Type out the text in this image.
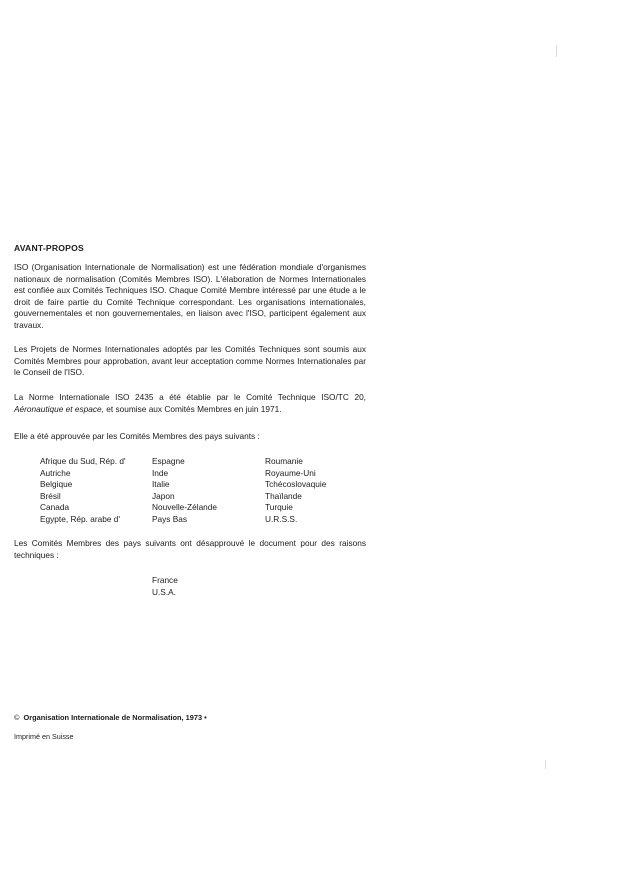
AVANT-PROPOS

ISO (Organisation Internationale de Normalisation) est une fédération mondiale d'organismes nationaux de normalisation (Comités Membres ISO). L'élaboration de Normes Internationales est confiée aux Comités Techniques ISO. Chaque Comité Membre intéressé par une étude a le droit de faire partie du Comité Technique correspondant. Les organisations internationales, gouvernementales et non gouvernementales, en liaison avec l'ISO, participent également aux travaux.

Les Projets de Normes Internationales adoptés par les Comités Techniques sont soumis aux Comités Membres pour approbation, avant leur acceptation comme Normes Internationales par le Conseil de l'ISO.

La Norme Internationale ISO 2435 a été établie par le Comité Technique ISO/TC 20, Aéronautique et espace, et soumise aux Comités Membres en juin 1971.

Elle a été approuvée par les Comités Membres des pays suivants :

Afrique du Sud, Rép. d'
Autriche
Belgique
Brésil
Canada
Egypte, Rép. arabe d'
Espagne
Inde
Italie
Japon
Nouvelle-Zélande
Pays Bas
Roumanie
Royaume-Uni
Tchécoslovaquie
Thaïlande
Turquie
U.R.S.S.

Les Comités Membres des pays suivants ont désapprouvé le document pour des raisons techniques :

France
U.S.A.

© Organisation Internationale de Normalisation, 1973 •

Imprimé en Suisse
